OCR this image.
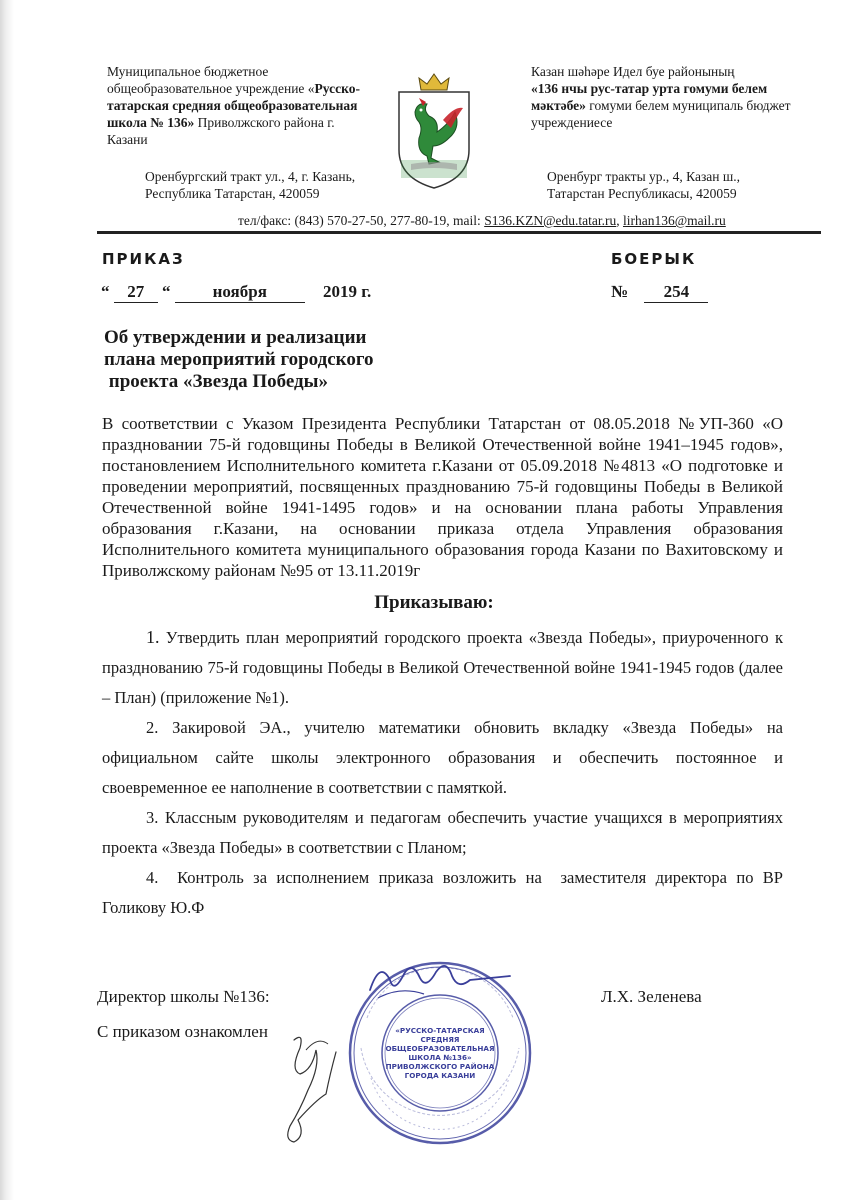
Муниципальное бюджетное
общеобразовательное учреждение «Русско-
татарская средняя общеобразовательная
школа № 136» Приволжского района г.
Казани
Оренбургский тракт ул., 4, г. Казань,
Республика Татарстан, 420059
Казан шәһәре Идел буе районының
«136 нчы рус-татар урта гомуми белем
мәктәбе» гомуми белем муниципаль бюджет
учреждениесе
Оренбург тракты ур., 4, Казан ш.,
Татарстан Республикасы, 420059
тел/факс: (843) 570-27-50, 277-80-19, mail: S136.KZN@edu.tatar.ru, lirhan136@mail.ru
ПРИКАЗ	БОЕРЫК
“ 27 “ ноября	2019 г.	№ 254
Об утверждении и реализации
плана мероприятий городского
проекта «Звезда Победы»
В соответствии с Указом Президента Республики Татарстан от 08.05.2018 №УП-360 «О праздновании 75-й годовщины Победы в Великой Отечественной войне 1941–1945 годов», постановлением Исполнительного комитета г.Казани от 05.09.2018 №4813 «О подготовке и проведении мероприятий, посвященных празднованию 75-й годовщины Победы в Великой Отечественной войне 1941-1495 годов» и на основании плана работы Управления образования г.Казани, на основании приказа отдела Управления образования Исполнительного комитета муниципального образования города Казани по Вахитовскому и Приволжскому районам №95 от 13.11.2019г
Приказываю:
1. Утвердить план мероприятий городского проекта «Звезда Победы», приуроченного к празднованию 75-й годовщины Победы в Великой Отечественной войне 1941-1945 годов (далее – План) (приложение №1).
2. Закировой ЭА., учителю математики обновить вкладку «Звезда Победы» на официальном сайте школы электронного образования и обеспечить постоянное и своевременное ее наполнение в соответствии с памяткой.
3. Классным руководителям и педагогам обеспечить участие учащихся в мероприятиях проекта «Звезда Победы» в соответствии с Планом;
4.  Контроль за исполнением приказа возложить на  заместителя директора по ВР Голикову Ю.Ф
Директор школы №136:	Л.Х. Зеленева
С приказом ознакомлен	«РУССКО-ТАТАРСКАЯ
СРЕДНЯЯ
ОБЩЕОБРАЗОВАТЕЛЬНАЯ
ШКОЛА №136»
ПРИВОЛЖСКОГО РАЙОНА
ГОРОДА КАЗАНИ
